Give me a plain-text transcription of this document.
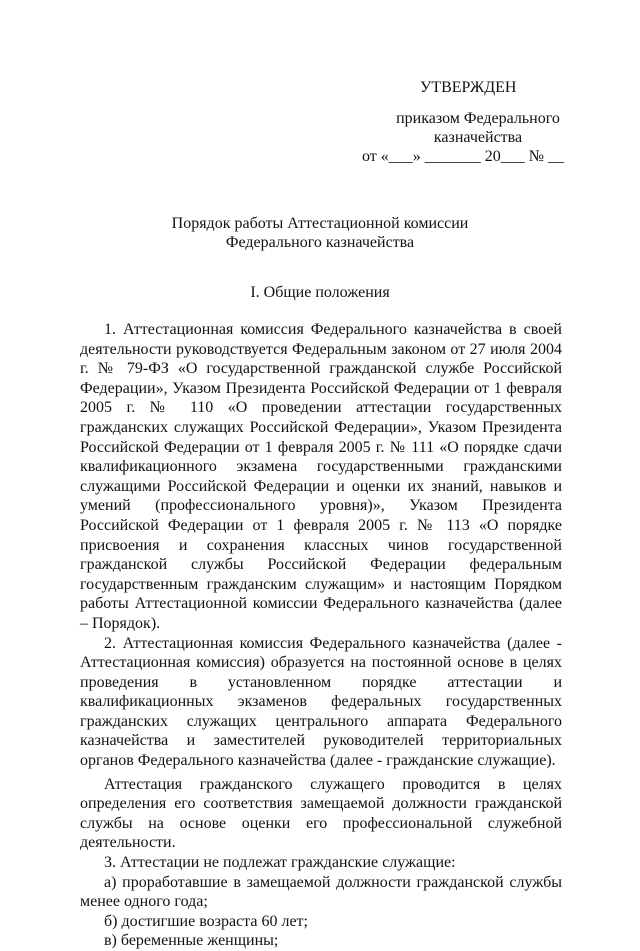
УТВЕРЖДЕН
приказом Федерального
казначейства
от «___» _______ 20___ № __
Порядок работы Аттестационной комиссии
Федерального казначейства
I. Общие положения

1. Аттестационная комиссия Федерального казначейства в своей деятельности руководствуется Федеральным законом от 27 июля 2004 г. № 79-ФЗ «О государственной гражданской службе Российской Федерации», Указом Президента Российской Федерации от 1 февраля 2005 г. № 110 «О проведении аттестации государственных гражданских служащих Российской Федерации», Указом Президента Российской Федерации от 1 февраля 2005 г. № 111 «О порядке сдачи квалификационного экзамена государственными гражданскими служащими Российской Федерации и оценки их знаний, навыков и умений (профессионального уровня)», Указом Президента Российской Федерации от 1 февраля 2005 г. № 113 «О порядке присвоения и сохранения классных чинов государственной гражданской службы Российской Федерации федеральным государственным гражданским служащим» и настоящим Порядком работы Аттестационной комиссии Федерального казначейства (далее – Порядок).

2. Аттестационная комиссия Федерального казначейства (далее - Аттестационная комиссия) образуется на постоянной основе в целях проведения в установленном порядке аттестации и квалификационных экзаменов федеральных государственных гражданских служащих центрального аппарата Федерального казначейства и заместителей руководителей территориальных органов Федерального казначейства (далее - гражданские служащие).

Аттестация гражданского служащего проводится в целях определения его соответствия замещаемой должности гражданской службы на основе оценки его профессиональной служебной деятельности.

3. Аттестации не подлежат гражданские служащие:

а) проработавшие в замещаемой должности гражданской службы менее одного года;

б) достигшие возраста 60 лет;

в) беременные женщины;
